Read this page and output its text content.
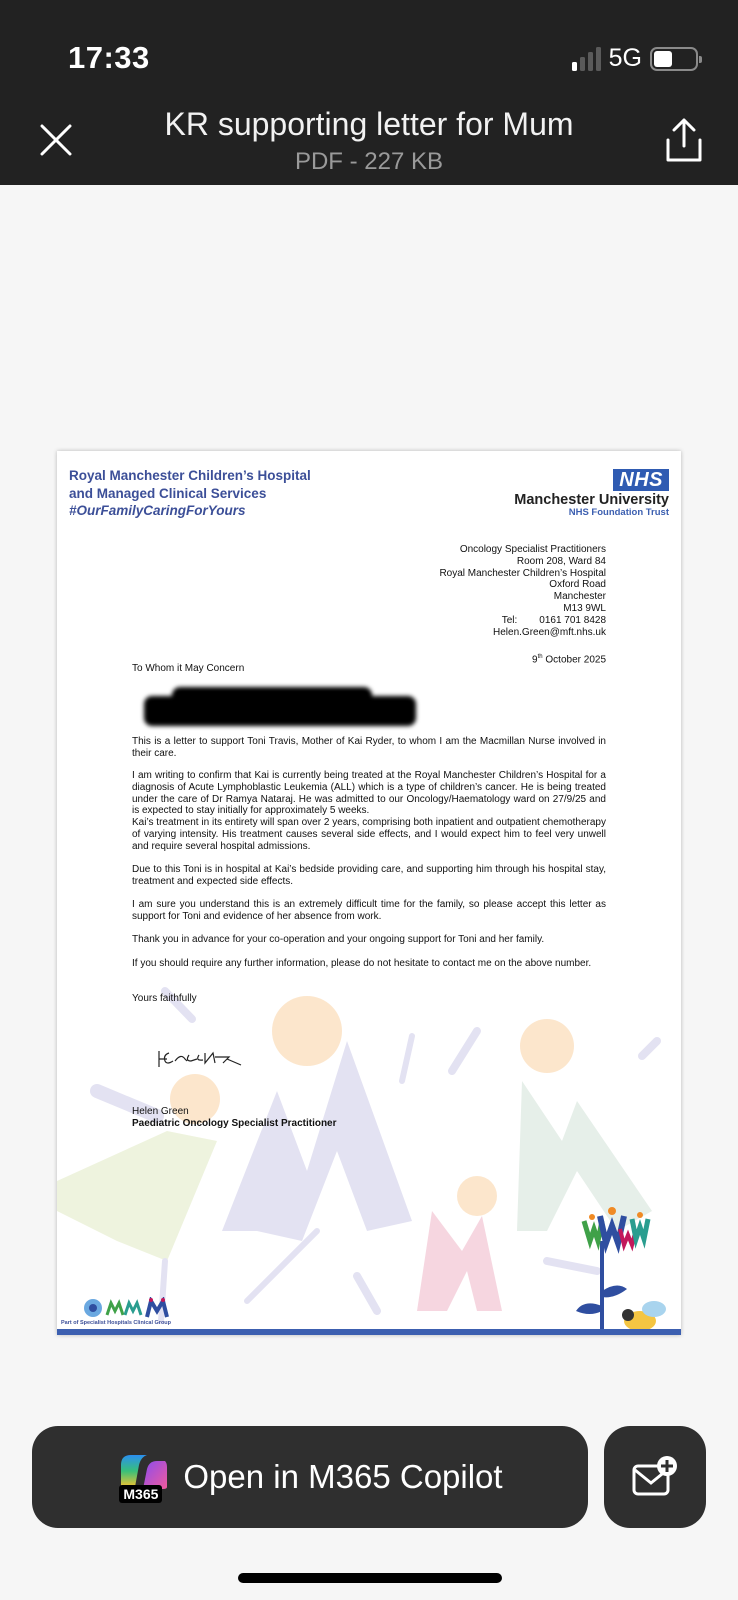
17:33	5G
KR supporting letter for Mum
PDF - 227 KB
Royal Manchester Children’s Hospital
and Managed Clinical Services
#OurFamilyCaringForYours
NHS
Manchester University
NHS Foundation Trust
Oncology Specialist Practitioners
Room 208, Ward 84
Royal Manchester Children’s Hospital
Oxford Road
Manchester
M13 9WL
Tel: 0161 701 8428
Helen.Green@mft.nhs.uk
9th October 2025
To Whom it May Concern
This is a letter to support Toni Travis, Mother of Kai Ryder, to whom I am the Macmillan Nurse involved in their care.
I am writing to confirm that Kai is currently being treated at the Royal Manchester Children’s Hospital for a diagnosis of Acute Lymphoblastic Leukemia (ALL) which is a type of children’s cancer. He is being treated under the care of Dr Ramya Nataraj. He was admitted to our Oncology/Haematology ward on 27/9/25 and is expected to stay initially for approximately 5 weeks.
Kai’s treatment in its entirety will span over 2 years, comprising both inpatient and outpatient chemotherapy of varying intensity. His treatment causes several side effects, and I would expect him to feel very unwell and require several hospital admissions.
Due to this Toni is in hospital at Kai’s bedside providing care, and supporting him through his hospital stay, treatment and expected side effects.
I am sure you understand this is an extremely difficult time for the family, so please accept this letter as support for Toni and evidence of her absence from work.
Thank you in advance for your co-operation and your ongoing support for Toni and her family.
If you should require any further information, please do not hesitate to contact me on the above number.
Yours faithfully
Helen Green
Paediatric Oncology Specialist Practitioner
Part of Specialist Hospitals Clinical Group
M365 Open in M365 Copilot
